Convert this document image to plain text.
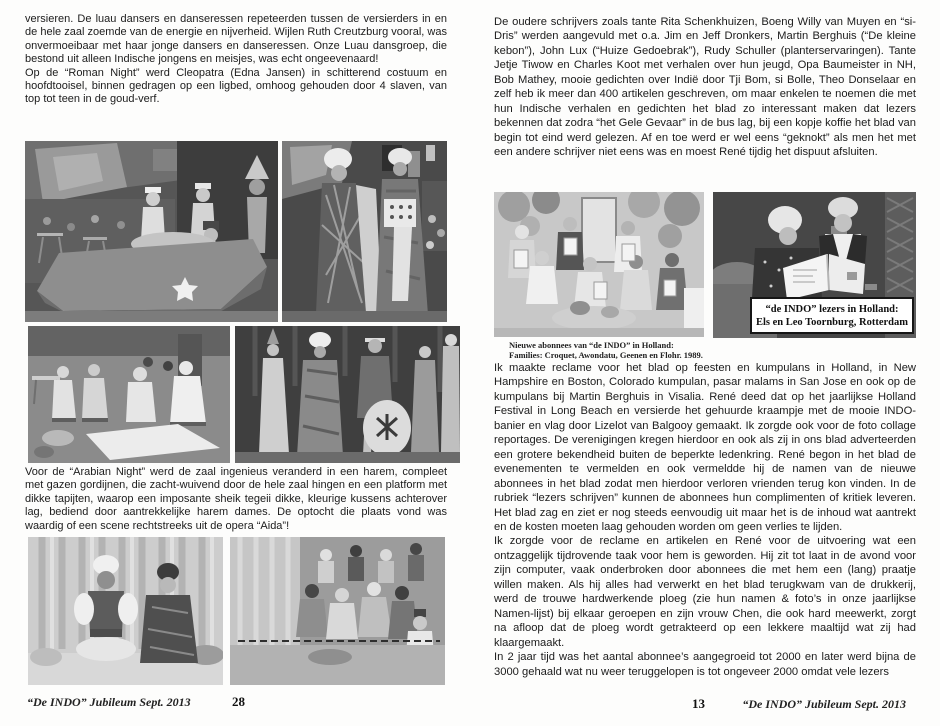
versieren. De luau dansers en danseressen repeteerden tussen de versierders in en de hele zaal zoemde van de energie en nijverheid. Wijlen Ruth Creutzburg vooral, was onvermoeibaar met haar jonge dansers en danseressen. Onze Luau dansgroep, die bestond uit alleen Indische jongens en meisjes, was echt ongeevenaard!

Op de “Roman Night” werd Cleopatra (Edna Jansen) in schitterend costuum en hoofdtooisel, binnen gedragen op een ligbed, omhoog gehouden door 4 slaven, van top tot teen in de goud-verf.

Voor de “Arabian Night” werd de zaal ingenieus veranderd in een harem, compleet met gazen gordijnen, die zacht-wuivend door de hele zaal hingen en een platform met dikke tapijten, waarop een imposante sheik tegeii dikke, kleurige kussens achterover lag, bediend door aantrekkelijke harem dames. De optocht die plaats vond was waardig of een scene rechtstreeks uit de opera “Aida”!

“De INDO” Jubileum Sept. 2013	28

De oudere schrijvers zoals tante Rita Schenkhuizen, Boeng Willy van Muyen en “si-Dris” werden aangevuld met o.a. Jim en Jeff Dronkers, Martin Berghuis (“De kleine kebon”), John Lux (“Huize Gedoebrak”), Rudy Schuller (planterservaringen). Tante Jetje Tiwow en Charles Koot met verhalen over hun jeugd, Opa Baumeister in NH, Bob Mathey, mooie gedichten over Indië door Tji Bom, si Bolle, Theo Donselaar en zelf heb ik meer dan 400 artikelen geschreven, om maar enkelen te noemen die met hun Indische verhalen en gedichten het blad zo interessant maken dat lezers bekennen dat zodra “het Gele Gevaar” in de bus lag, bij een kopje koffie het blad van begin tot eind werd gelezen. Af en toe werd er wel eens “geknokt” als men het met een andere schrijver niet eens was en moest René tijdig het dispuut afsluiten.

Nieuwe abonnees van “de INDO” in Holland:
Families: Croquet, Awondatu, Geenen en Flohr. 1989.
“de INDO” lezers in Holland:
Els en Leo Toornburg, Rotterdam

Ik maakte reclame voor het blad op feesten en kumpulans in Holland, in New Hampshire en Boston, Colorado kumpulan, pasar malams in San Jose en ook op de kumpulans bij Martin Berghuis in Visalia. René deed dat op het jaarlijkse Holland Festival in Long Beach en versierde het gehuurde kraampje met de mooie INDO-banier en vlag door Lizelot van Balgooy gemaakt. Ik zorgde ook voor de foto collage reportages. De verenigingen kregen hierdoor en ook als zij in ons blad adverteerden een grotere bekendheid buiten de beperkte ledenkring. René begon in het blad de evenementen te vermelden en ook vermeldde hij de namen van de nieuwe abonnees in het blad zodat men hierdoor verloren vrienden terug kon vinden. In de rubriek “lezers schrijven” kunnen de abonnees hun complimenten of kritiek leveren. Het blad zag en ziet er nog steeds eenvoudig uit maar het is de inhoud wat aantrekt en de kosten moeten laag gehouden worden om geen verlies te lijden.

Ik zorgde voor de reclame en artikelen en René voor de uitvoering wat een ontzaggelijk tijdrovende taak voor hem is geworden. Hij zit tot laat in de avond voor zijn computer, vaak onderbroken door abonnees die met hem een (lang) praatje willen maken. Als hij alles had verwerkt en het blad terugkwam van de drukkerij, werd de trouwe hardwerkende ploeg (zie hun namen & foto’s in onze jaarlijkse Namen-lijst) bij elkaar geroepen en zijn vrouw Chen, die ook hard meewerkt, zorgt na afloop dat de ploeg wordt getrakteerd op een lekkere maaltijd wat zij had klaargemaakt.

In 2 jaar tijd was het aantal abonnee’s aangegroeid tot 2000 en later werd bijna de 3000 gehaald wat nu weer teruggelopen is tot ongeveer 2000 omdat vele lezers

13	“De INDO” Jubileum Sept. 2013
